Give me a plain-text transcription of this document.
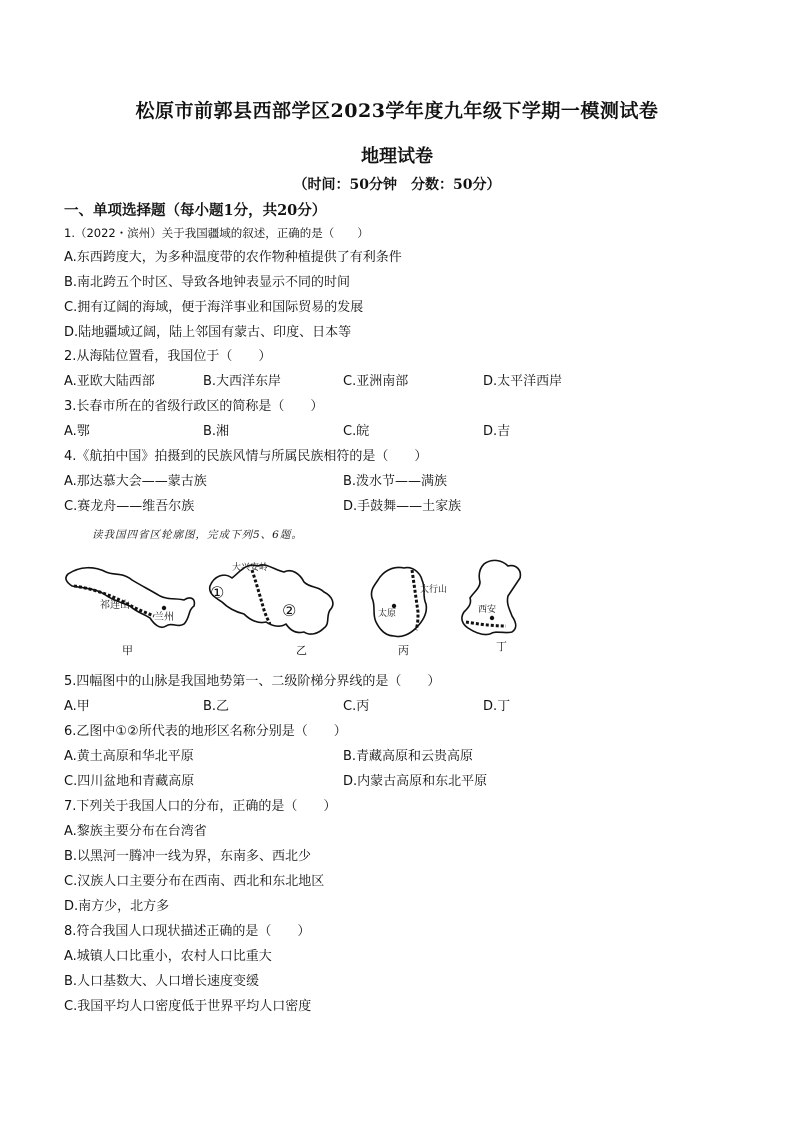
松原市前郭县西部学区2023学年度九年级下学期一模测试卷
地理试卷
（时间：50分钟　分数：50分）
一、单项选择题（每小题1分，共20分）
1.（2022・滨州）关于我国疆域的叙述，正确的是（　　）
A.东西跨度大，为多种温度带的农作物种植提供了有利条件
B.南北跨五个时区、导致各地钟表显示不同的时间
C.拥有辽阔的海域，便于海洋事业和国际贸易的发展
D.陆地疆域辽阔，陆上邻国有蒙古、印度、日本等
2.从海陆位置看，我国位于（　　）
A.亚欧大陆西部	B.大西洋东岸	C.亚洲南部	D.太平洋西岸
3.长春市所在的省级行政区的简称是（　　）
A.鄂	B.湘	C.皖	D.吉
4.《航拍中国》拍摄到的民族风情与所属民族相符的是（　　）
A.那达慕大会——蒙古族	B.泼水节——满族
C.赛龙舟——维吾尔族	D.手鼓舞——土家族
读我国四省区轮廓图，完成下列5、6题。
祁连山
兰州
甲
大兴安岭
①
②
乙
太行山
太原
丙
西安
丁
5.四幅图中的山脉是我国地势第一、二级阶梯分界线的是（　　）
A.甲	B.乙	C.丙	D.丁
6.乙图中①②所代表的地形区名称分别是（　　）
A.黄土高原和华北平原	B.青藏高原和云贵高原
C.四川盆地和青藏高原	D.内蒙古高原和东北平原
7.下列关于我国人口的分布，正确的是（　　）
A.黎族主要分布在台湾省
B.以黑河一腾冲一线为界，东南多、西北少
C.汉族人口主要分布在西南、西北和东北地区
D.南方少，北方多
8.符合我国人口现状描述正确的是（　　）
A.城镇人口比重小，农村人口比重大
B.人口基数大、人口增长速度变缓
C.我国平均人口密度低于世界平均人口密度
